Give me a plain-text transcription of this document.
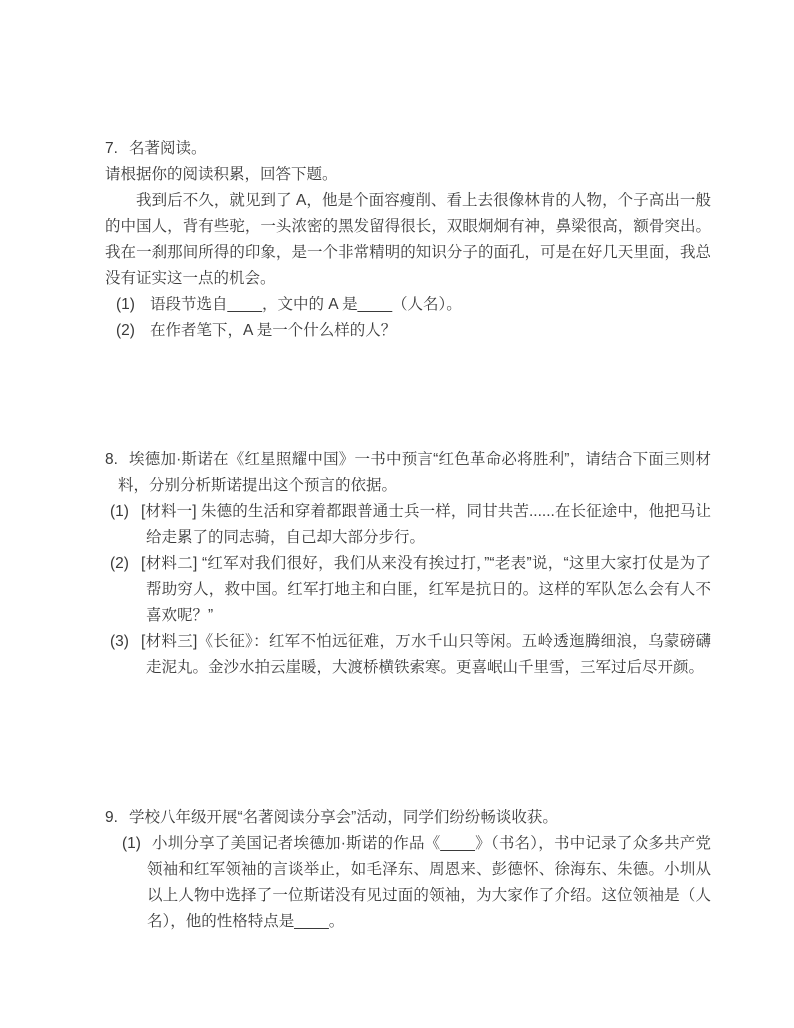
7. 名著阅读。

请根据你的阅读积累，回答下题。

我到后不久，就见到了 A，他是个面容瘦削、看上去很像林肯的人物，个子高出一般的中国人，背有些驼，一头浓密的黑发留得很长，双眼炯炯有神，鼻梁很高，额骨突出。我在一刹那间所得的印象，是一个非常精明的知识分子的面孔，可是在好几天里面，我总没有证实这一点的机会。

(1) 语段节选自____，文中的 A 是____（人名）。
(2) 在作者笔下，A 是一个什么样的人？
8. 埃德加·斯诺在《红星照耀中国》一书中预言“红色革命必将胜利”，请结合下面三则材料，分别分析斯诺提出这个预言的依据。

(1) [材料一] 朱德的生活和穿着都跟普通士兵一样，同甘共苦......在长征途中，他把马让给走累了的同志骑，自己却大部分步行。
(2) [材料二] “红军对我们很好，我们从来没有挨过打，”“老表”说，“这里大家打仗是为了帮助穷人，救中国。红军打地主和白匪，红军是抗日的。这样的军队怎么会有人不喜欢呢？”
(3) [材料三]《长征》：红军不怕远征难，万水千山只等闲。五岭透迤腾细浪，乌蒙磅礴走泥丸。金沙水拍云崖暖，大渡桥横铁索寒。更喜岷山千里雪，三军过后尽开颜。
9. 学校八年级开展“名著阅读分享会”活动，同学们纷纷畅谈收获。

(1) 小圳分享了美国记者埃德加·斯诺的作品《____》（书名），书中记录了众多共产党领袖和红军领袖的言谈举止，如毛泽东、周恩来、彭德怀、徐海东、朱德。小圳从以上人物中选择了一位斯诺没有见过面的领袖，为大家作了介绍。这位领袖是（人名），他的性格特点是____。
